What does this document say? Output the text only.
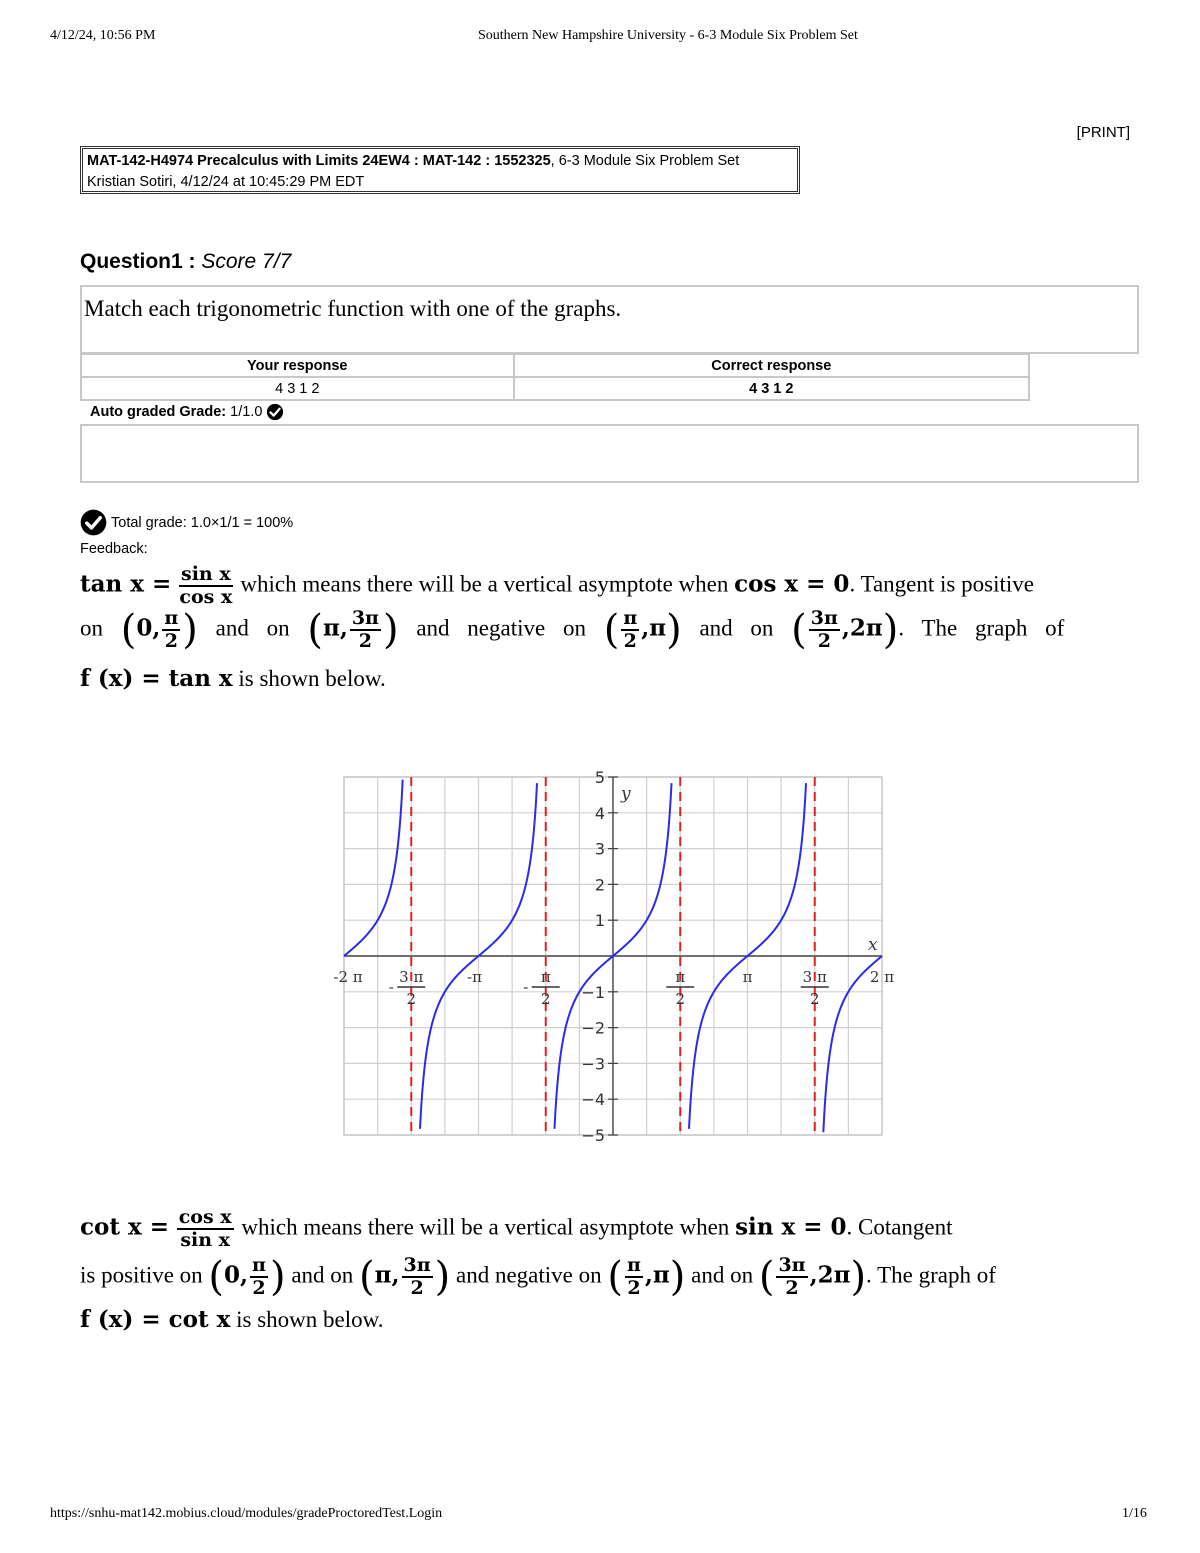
4/12/24, 10:56 PM	Southern New Hampshire University - 6-3 Module Six Problem Set
[PRINT]
MAT-142-H4974 Precalculus with Limits 24EW4 : MAT-142 : 1552325, 6-3 Module Six Problem Set
Kristian Sotiri, 4/12/24 at 10:45:29 PM EDT
Question1 : Score 7/7
Match each trigonometric function with one of the graphs.
Your response	Correct response
4 3 1 2	4 3 1 2
Auto graded Grade: 1/1.0
Total grade: 1.0×1/1 = 100%
Feedback:
$\tan x = \frac{\text{sin x}}{\text{cos x}}$ which means there will be a vertical asymptote when cos x = 0. Tangent is positive
on (0, $\frac{\pi}{2}$ ) and on (π, $\frac{3\pi}{2}$ ) and negative on ( $\frac{\pi}{2} ,\pi$) and on ( $\frac{3\pi}{2} ,2\pi$). The graph of
f (x) = tan x is shown below.
−5
−4
−3
−2
−1
1
2
3
4
5
x
y
-2 π 3 π
2
-
-π	π
2
-
π
2
π	3 π
2
2 π
$\cot x = \frac{\text{cos x}}{\text{sin x}}$ which means there will be a vertical asymptote when sin x = 0. Cotangent
is positive on (0, $\frac{\pi}{2}$ ) and on (π, $\frac{3\pi}{2}$ ) and negative on ( $\frac{\pi}{2} ,\pi$) and on ( $\frac{3\pi}{2} ,2\pi$). The graph of
f (x) = cot x is shown below.
https://snhu-mat142.mobius.cloud/modules/gradeProctoredTest.Login	1/16
